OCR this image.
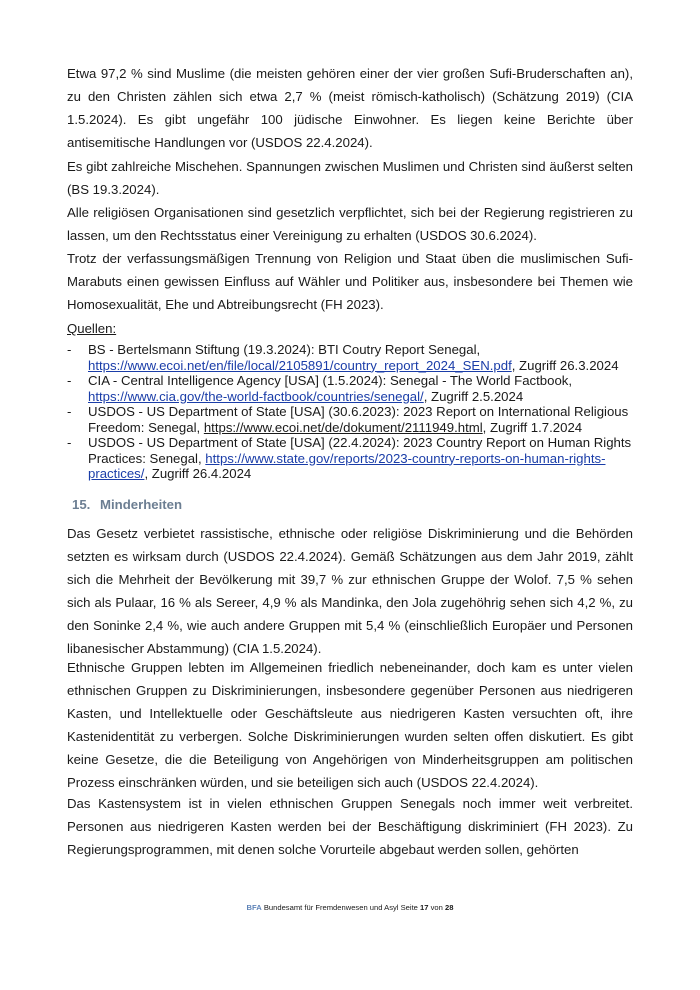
Etwa 97,2 % sind Muslime (die meisten gehören einer der vier großen Sufi-Bruderschaften an), zu den Christen zählen sich etwa 2,7 % (meist römisch-katholisch) (Schätzung 2019) (CIA 1.5.2024). Es gibt ungefähr 100 jüdische Einwohner. Es liegen keine Berichte über antisemitische Handlungen vor (USDOS 22.4.2024).

Es gibt zahlreiche Mischehen. Spannungen zwischen Muslimen und Christen sind äußerst selten (BS 19.3.2024).

Alle religiösen Organisationen sind gesetzlich verpflichtet, sich bei der Regierung registrieren zu lassen, um den Rechtsstatus einer Vereinigung zu erhalten (USDOS 30.6.2024).

Trotz der verfassungsmäßigen Trennung von Religion und Staat üben die muslimischen Sufi-Marabuts einen gewissen Einfluss auf Wähler und Politiker aus, insbesondere bei Themen wie Homosexualität, Ehe und Abtreibungsrecht (FH 2023).

Quellen:

- BS - Bertelsmann Stiftung (19.3.2024): BTI Coutry Report Senegal, https://www.ecoi.net/en/file/local/2105891/country_report_2024_SEN.pdf, Zugriff 26.3.2024
- CIA - Central Intelligence Agency [USA] (1.5.2024): Senegal - The World Factbook, https://www.cia.gov/the-world-factbook/countries/senegal/, Zugriff 2.5.2024
- USDOS - US Department of State [USA] (30.6.2023): 2023 Report on International Religious Freedom: Senegal, https://www.ecoi.net/de/dokument/2111949.html, Zugriff 1.7.2024
- USDOS - US Department of State [USA] (22.4.2024): 2023 Country Report on Human Rights Practices: Senegal, https://www.state.gov/reports/2023-country-reports-on-human-rights-practices/, Zugriff 26.4.2024
15. Minderheiten

Das Gesetz verbietet rassistische, ethnische oder religiöse Diskriminierung und die Behörden setzten es wirksam durch (USDOS 22.4.2024). Gemäß Schätzungen aus dem Jahr 2019, zählt sich die Mehrheit der Bevölkerung mit 39,7 % zur ethnischen Gruppe der Wolof. 7,5 % sehen sich als Pulaar, 16 % als Sereer, 4,9 % als Mandinka, den Jola zugehöhrig sehen sich 4,2 %, zu den Soninke 2,4 %, wie auch andere Gruppen mit 5,4 % (einschließlich Europäer und Personen libanesischer Abstammung) (CIA 1.5.2024).

Ethnische Gruppen lebten im Allgemeinen friedlich nebeneinander, doch kam es unter vielen ethnischen Gruppen zu Diskriminierungen, insbesondere gegenüber Personen aus niedrigeren Kasten, und Intellektuelle oder Geschäftsleute aus niedrigeren Kasten versuchten oft, ihre Kastenidentität zu verbergen. Solche Diskriminierungen wurden selten offen diskutiert. Es gibt keine Gesetze, die die Beteiligung von Angehörigen von Minderheitsgruppen am politischen Prozess einschränken würden, und sie beteiligen sich auch (USDOS 22.4.2024).

Das Kastensystem ist in vielen ethnischen Gruppen Senegals noch immer weit verbreitet. Personen aus niedrigeren Kasten werden bei der Beschäftigung diskriminiert (FH 2023). Zu Regierungsprogrammen, mit denen solche Vorurteile abgebaut werden sollen, gehörten

BFA Bundesamt für Fremdenwesen und Asyl Seite 17 von 28
